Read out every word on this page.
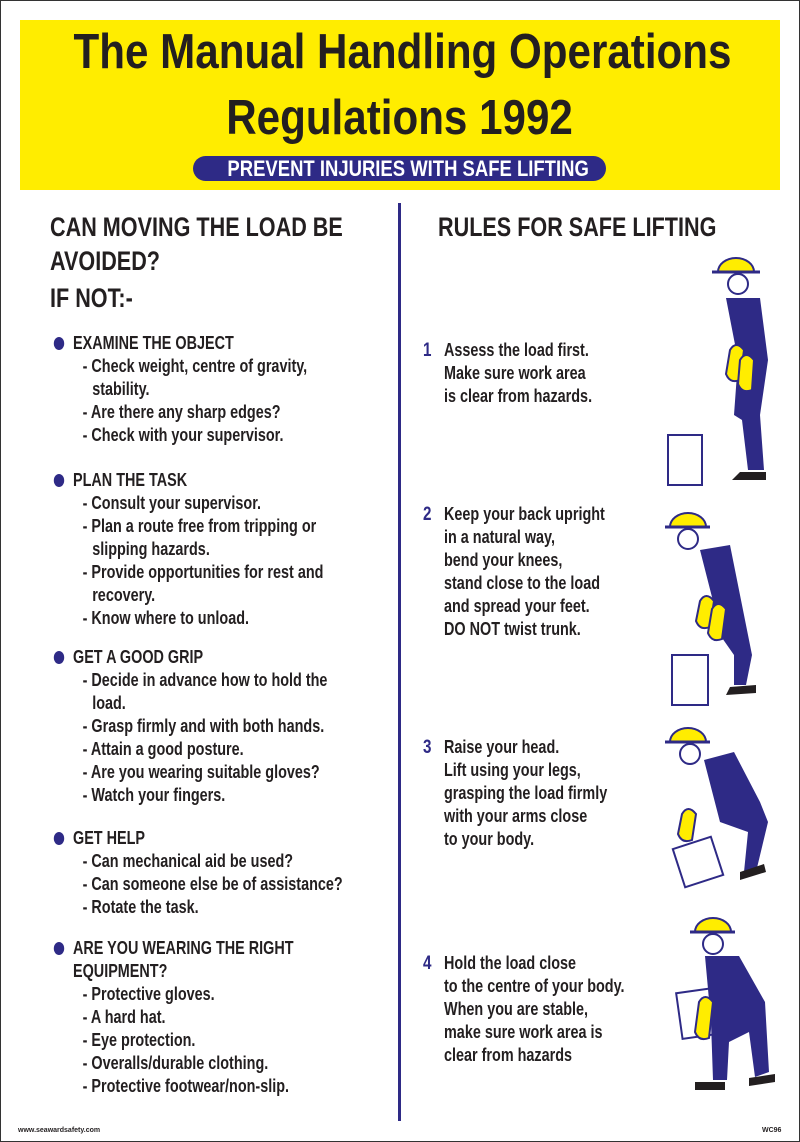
The Manual Handling Operations
Regulations 1992
PREVENT INJURIES WITH SAFE LIFTING
CAN MOVING THE LOAD BE
AVOIDED?
IF NOT:-
EXAMINE THE OBJECT
- Check weight, centre of gravity,
stability.
- Are there any sharp edges?
- Check with your supervisor.
PLAN THE TASK
- Consult your supervisor.
- Plan a route free from tripping or
slipping hazards.
- Provide opportunities for rest and
recovery.
- Know where to unload.
GET A GOOD GRIP
- Decide in advance how to hold the
load.
- Grasp firmly and with both hands.
- Attain a good posture.
- Are you wearing suitable gloves?
- Watch your fingers.
GET HELP
- Can mechanical aid be used?
- Can someone else be of assistance?
- Rotate the task.
ARE YOU WEARING THE RIGHT
EQUIPMENT?
- Protective gloves.
- A hard hat.
- Eye protection.
- Overalls/durable clothing.
- Protective footwear/non-slip.
RULES FOR SAFE LIFTING
1 Assess the load first.
Make sure work area
is clear from hazards.
2 Keep your back upright
in a natural way,
bend your knees,
stand close to the load
and spread your feet.
DO NOT twist trunk.
3 Raise your head.
Lift using your legs,
grasping the load firmly
with your arms close
to your body.
4 Hold the load close
to the centre of your body.
When you are stable,
make sure work area is
clear from hazards
www.seawardsafety.com	WC96
